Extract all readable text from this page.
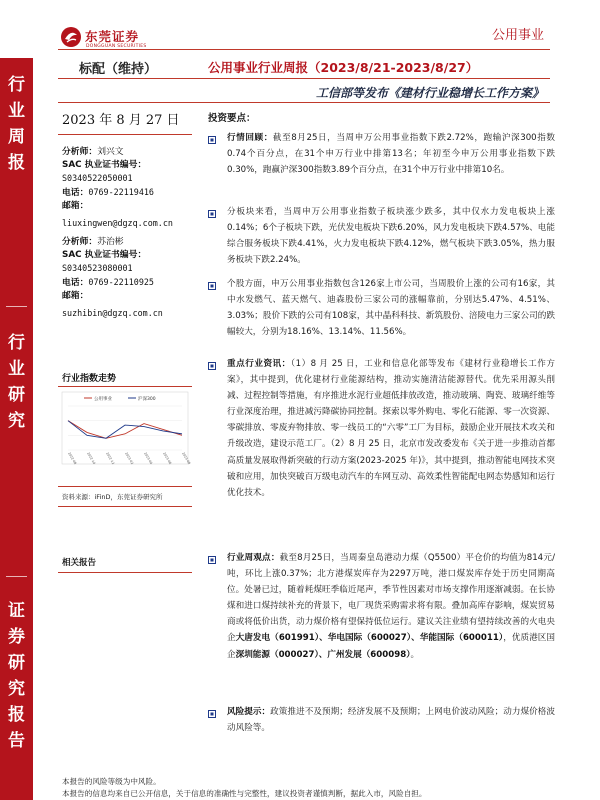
东莞证券
DONGGUAN SECURITIES
公用事业
行业周报
行业研究
证券研究报告
标配（维持）	公用事业行业周报（2023/8/21-2023/8/27）
工信部等发布《建材行业稳增长工作方案》
2023 年 8 月 27 日
分析师：刘兴文
SAC 执业证书编号：
S0340522050001
电话：0769-22119416
邮箱：
liuxingwen@dgzq.com.cn
分析师：苏治彬
SAC 执业证书编号：
S0340523080001
电话：0769-22110925
邮箱：
suzhibin@dgzq.com.cn
行业指数走势
公用事业	沪深300
2022-08	2022-10	2022-12	2023-02	2023-04	2023-06	2023-08
资料来源：iFinD，东莞证券研究所
相关报告
投资要点：
行情回顾：截至8月25日，当周申万公用事业指数下跌2.72%，跑输沪深300指数0.74个百分点，在31个申万行业中排第13名；年初至今申万公用事业指数下跌0.30%，跑赢沪深300指数3.89个百分点，在31个申万行业中排第10名。
分板块来看，当周申万公用事业指数子板块涨少跌多，其中仅水力发电板块上涨0.14%；6个子板块下跌，光伏发电板块下跌6.20%，风力发电板块下跌4.57%、电能综合服务板块下跌4.41%，火力发电板块下跌4.12%，燃气板块下跌3.05%，热力服务板块下跌2.24%。
个股方面，申万公用事业指数包含126家上市公司，当周股价上涨的公司有16家，其中水发燃气、蓝天燃气、迪森股份三家公司的涨幅靠前，分别达5.47%、4.51%、3.03%；股价下跌的公司有108家，其中晶科科技、新筑股份、涪陵电力三家公司的跌幅较大，分别为18.16%、13.14%、11.56%。
重点行业资讯：（1）8 月 25 日，工业和信息化部等发布《建材行业稳增长工作方案》，其中提到，优化建材行业能源结构，推动实施清洁能源替代。优先采用源头削减、过程控制等措施，有序推进水泥行业超低排放改造，推动玻璃、陶瓷、玻璃纤维等行业深度治理，推进减污降碳协同控制。探索以零外购电、零化石能源、零一次资源、零碳排放、零废弃物排放、零一线员工的“六零”工厂为目标，鼓励企业开展技术攻关和升级改造，建设示范工厂。（2）8 月 25 日，北京市发改委发布《关于进一步推动首都高质量发展取得新突破的行动方案(2023-2025 年)》，其中提到，推动智能电网技术突破和应用，加快突破百万级电动汽车的车网互动、高效柔性智能配电网态势感知和运行优化技术。
行业周观点：截至8月25日，当周秦皇岛港动力煤（Q5500）平仓价的均值为814元/吨，环比上涨0.37%；北方港煤炭库存为2297万吨，港口煤炭库存处于历史同期高位。处暑已过，随着耗煤旺季临近尾声，季节性因素对市场支撑作用逐渐减弱。在长协煤和进口煤持续补充的背景下，电厂现货采购需求将有限。叠加高库存影响，煤炭贸易商或将低价出货，动力煤价格有望保持低位运行。建议关注业绩有望持续改善的火电央企大唐发电（601991）、华电国际（600027）、华能国际（600011），优质港区国企深圳能源（000027）、广州发展（600098）。
风险提示：政策推进不及预期；经济发展不及预期；上网电价波动风险；动力煤价格波动风险等。
本报告的风险等级为中风险。
本报告的信息均来自已公开信息，关于信息的准确性与完整性，建议投资者谨慎判断，据此入市，风险自担。
